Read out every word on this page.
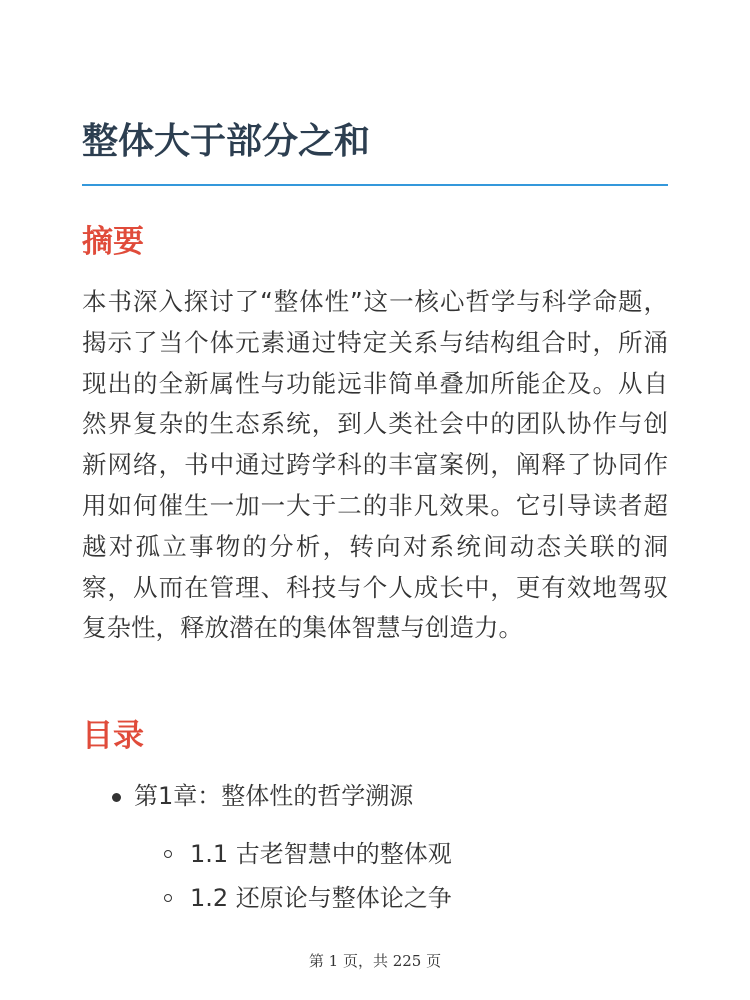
整体大于部分之和
摘要

本书深入探讨了“整体性”这一核心哲学与科学命题，揭示了当个体元素通过特定关系与结构组合时，所涌现出的全新属性与功能远非简单叠加所能企及。从自然界复杂的生态系统，到人类社会中的团队协作与创新网络，书中通过跨学科的丰富案例，阐释了协同作用如何催生一加一大于二的非凡效果。它引导读者超越对孤立事物的分析，转向对系统间动态关联的洞察，从而在管理、科技与个人成长中，更有效地驾驭复杂性，释放潜在的集体智慧与创造力。

目录
第1章：整体性的哲学溯源
1.1 古老智慧中的整体观
1.2 还原论与整体论之争
第 1 页，共 225 页
